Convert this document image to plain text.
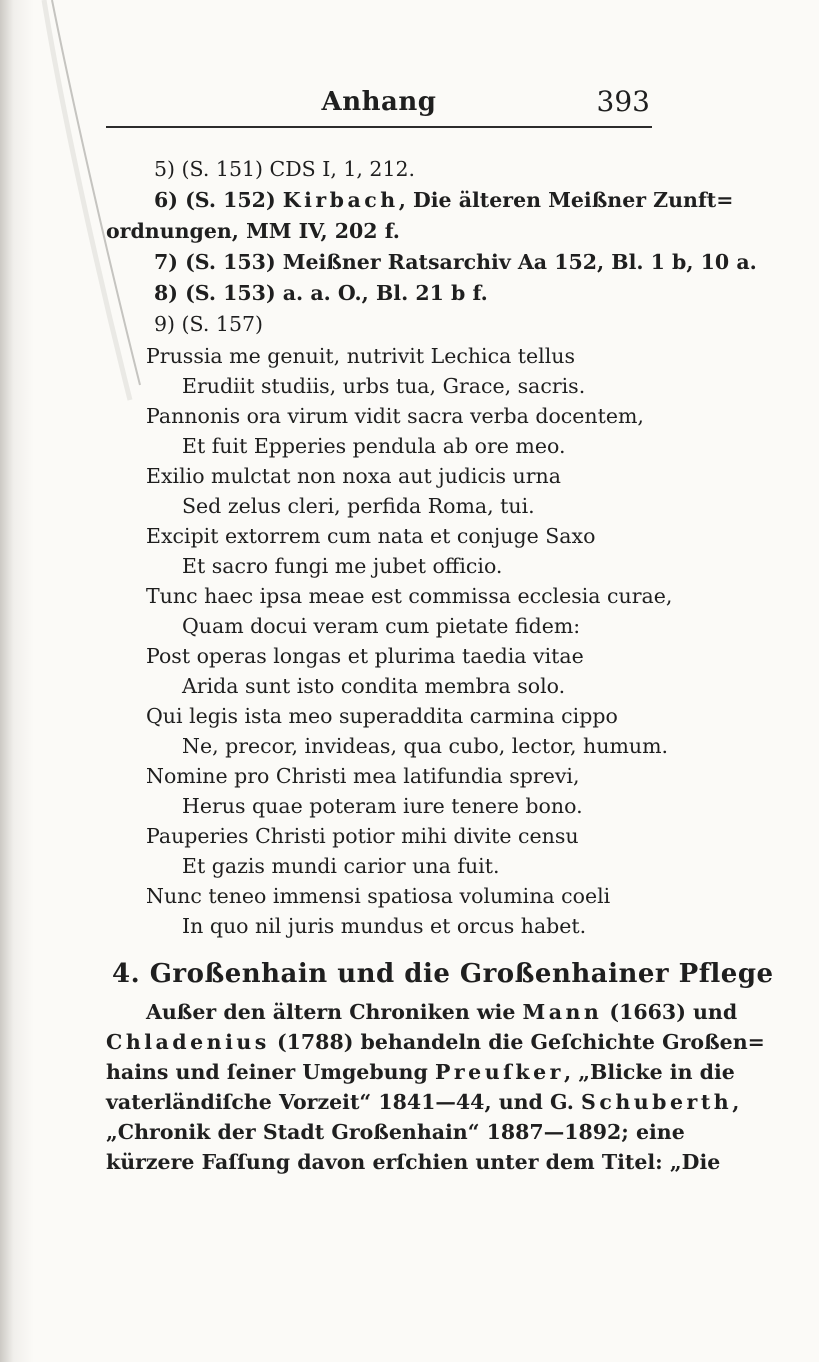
Anhang	393
5) (S. 151) CDS I, 1, 212.
6) (S. 152) Kirbach, Die älteren Meißner Zunft=
ordnungen, MM IV, 202 f.
7) (S. 153) Meißner Ratsarchiv Aa 152, Bl. 1 b, 10 a.
8) (S. 153) a. a. O., Bl. 21 b f.
9) (S. 157)
Prussia me genuit, nutrivit Lechica tellus
Erudiit studiis, urbs tua, Grace, sacris.
Pannonis ora virum vidit sacra verba docentem,
Et fuit Epperies pendula ab ore meo.
Exilio mulctat non noxa aut judicis urna
Sed zelus cleri, perfida Roma, tui.
Excipit extorrem cum nata et conjuge Saxo
Et sacro fungi me jubet officio.
Tunc haec ipsa meae est commissa ecclesia curae,
Quam docui veram cum pietate fidem:
Post operas longas et plurima taedia vitae
Arida sunt isto condita membra solo.
Qui legis ista meo superaddita carmina cippo
Ne, precor, invideas, qua cubo, lector, humum.
Nomine pro Christi mea latifundia sprevi,
Herus quae poteram iure tenere bono.
Pauperies Christi potior mihi divite censu
Et gazis mundi carior una fuit.
Nunc teneo immensi spatiosa volumina coeli
In quo nil juris mundus et orcus habet.
4. Großenhain und die Großenhainer Pflege
Außer den ältern Chroniken wie Mann (1663) und
Chladenius (1788) behandeln die Geſchichte Großen=
hains und ſeiner Umgebung Preuſker, „Blicke in die
vaterländiſche Vorzeit“ 1841—44, und G. Schuberth,
„Chronik der Stadt Großenhain“ 1887—1892; eine
kürzere Faſſung davon erſchien unter dem Titel: „Die
